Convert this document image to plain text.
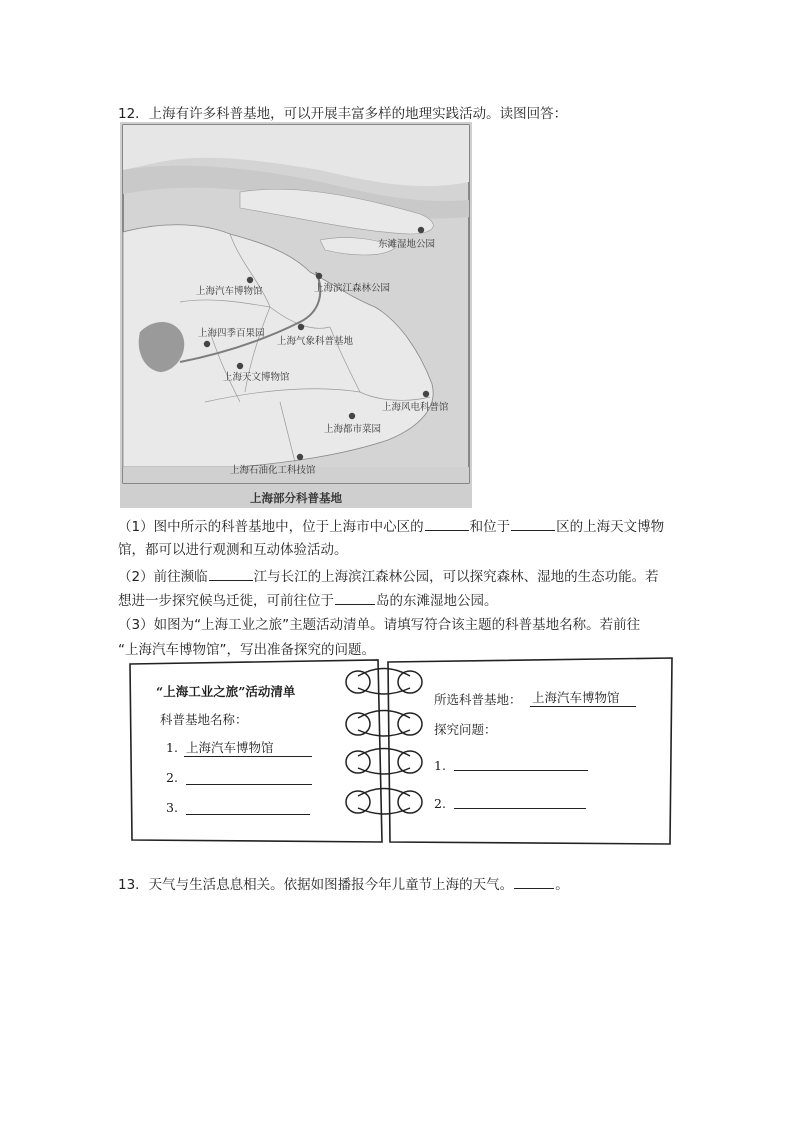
12．上海有许多科普基地，可以开展丰富多样的地理实践活动。读图回答：
东滩湿地公园
上海汽车博物馆	上海滨江森林公园
上海四季百果园
上海气象科普基地
上海天文博物馆
上海风电科普馆
上海都市菜园
上海石油化工科技馆
上海部分科普基地
（1）图中所示的科普基地中，位于上海市中心区的	和位于	区的上海天文博物
馆，都可以进行观测和互动体验活动。
（2）前往濒临	江与长江的上海滨江森林公园，可以探究森林、湿地的生态功能。若
想进一步探究候鸟迁徙，可前往位于	岛的东滩湿地公园。
（3）如图为“上海工业之旅”主题活动清单。请填写符合该主题的科普基地名称。若前往
“上海汽车博物馆”，写出准备探究的问题。
“上海工业之旅”活动清单
科普基地名称：
1. 上海汽车博物馆
2.
3.
所选科普基地： 上海汽车博物馆
探究问题：
1.
2.
13．天气与生活息息相关。依据如图播报今年儿童节上海的天气。	。
